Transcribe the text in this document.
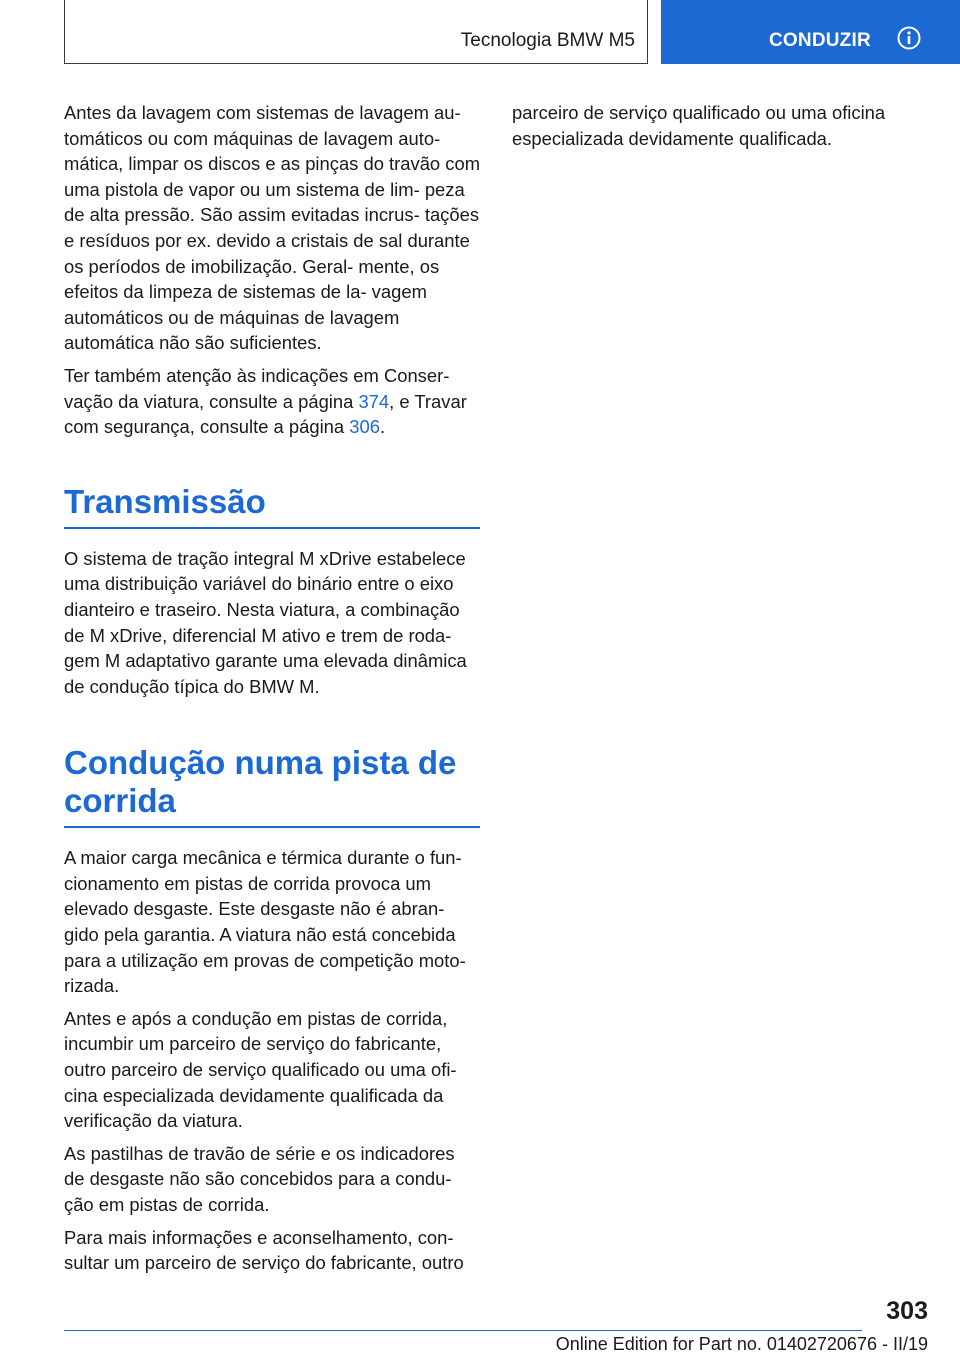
Tecnologia BMW M5	CONDUZIR

Antes da lavagem com sistemas de lavagem au‐ tomáticos ou com máquinas de lavagem auto‐ mática, limpar os discos e as pinças do travão com uma pistola de vapor ou um sistema de lim‐ peza de alta pressão. São assim evitadas incrus‐ tações e resíduos por ex. devido a cristais de sal durante os períodos de imobilização. Geral‐ mente, os efeitos da limpeza de sistemas de la‐ vagem automáticos ou de máquinas de lavagem automática não são suficientes.

Ter também atenção às indicações em Conser‐ vação da viatura, consulte a página 374, e Travar com segurança, consulte a página 306.

Transmissão

O sistema de tração integral M xDrive estabelece uma distribuição variável do binário entre o eixo dianteiro e traseiro. Nesta viatura, a combinação de M xDrive, diferencial M ativo e trem de roda‐ gem M adaptativo garante uma elevada dinâmica de condução típica do BMW M.

Condução numa pista de
corrida

A maior carga mecânica e térmica durante o fun‐ cionamento em pistas de corrida provoca um elevado desgaste. Este desgaste não é abran‐ gido pela garantia. A viatura não está concebida para a utilização em provas de competição moto‐ rizada.

Antes e após a condução em pistas de corrida, incumbir um parceiro de serviço do fabricante, outro parceiro de serviço qualificado ou uma ofi‐ cina especializada devidamente qualificada da verificação da viatura.

As pastilhas de travão de série e os indicadores de desgaste não são concebidos para a condu‐ ção em pistas de corrida.

Para mais informações e aconselhamento, con‐ sultar um parceiro de serviço do fabricante, outro

parceiro de serviço qualificado ou uma oficina especializada devidamente qualificada.

303
Online Edition for Part no. 01402720676 - II/19
